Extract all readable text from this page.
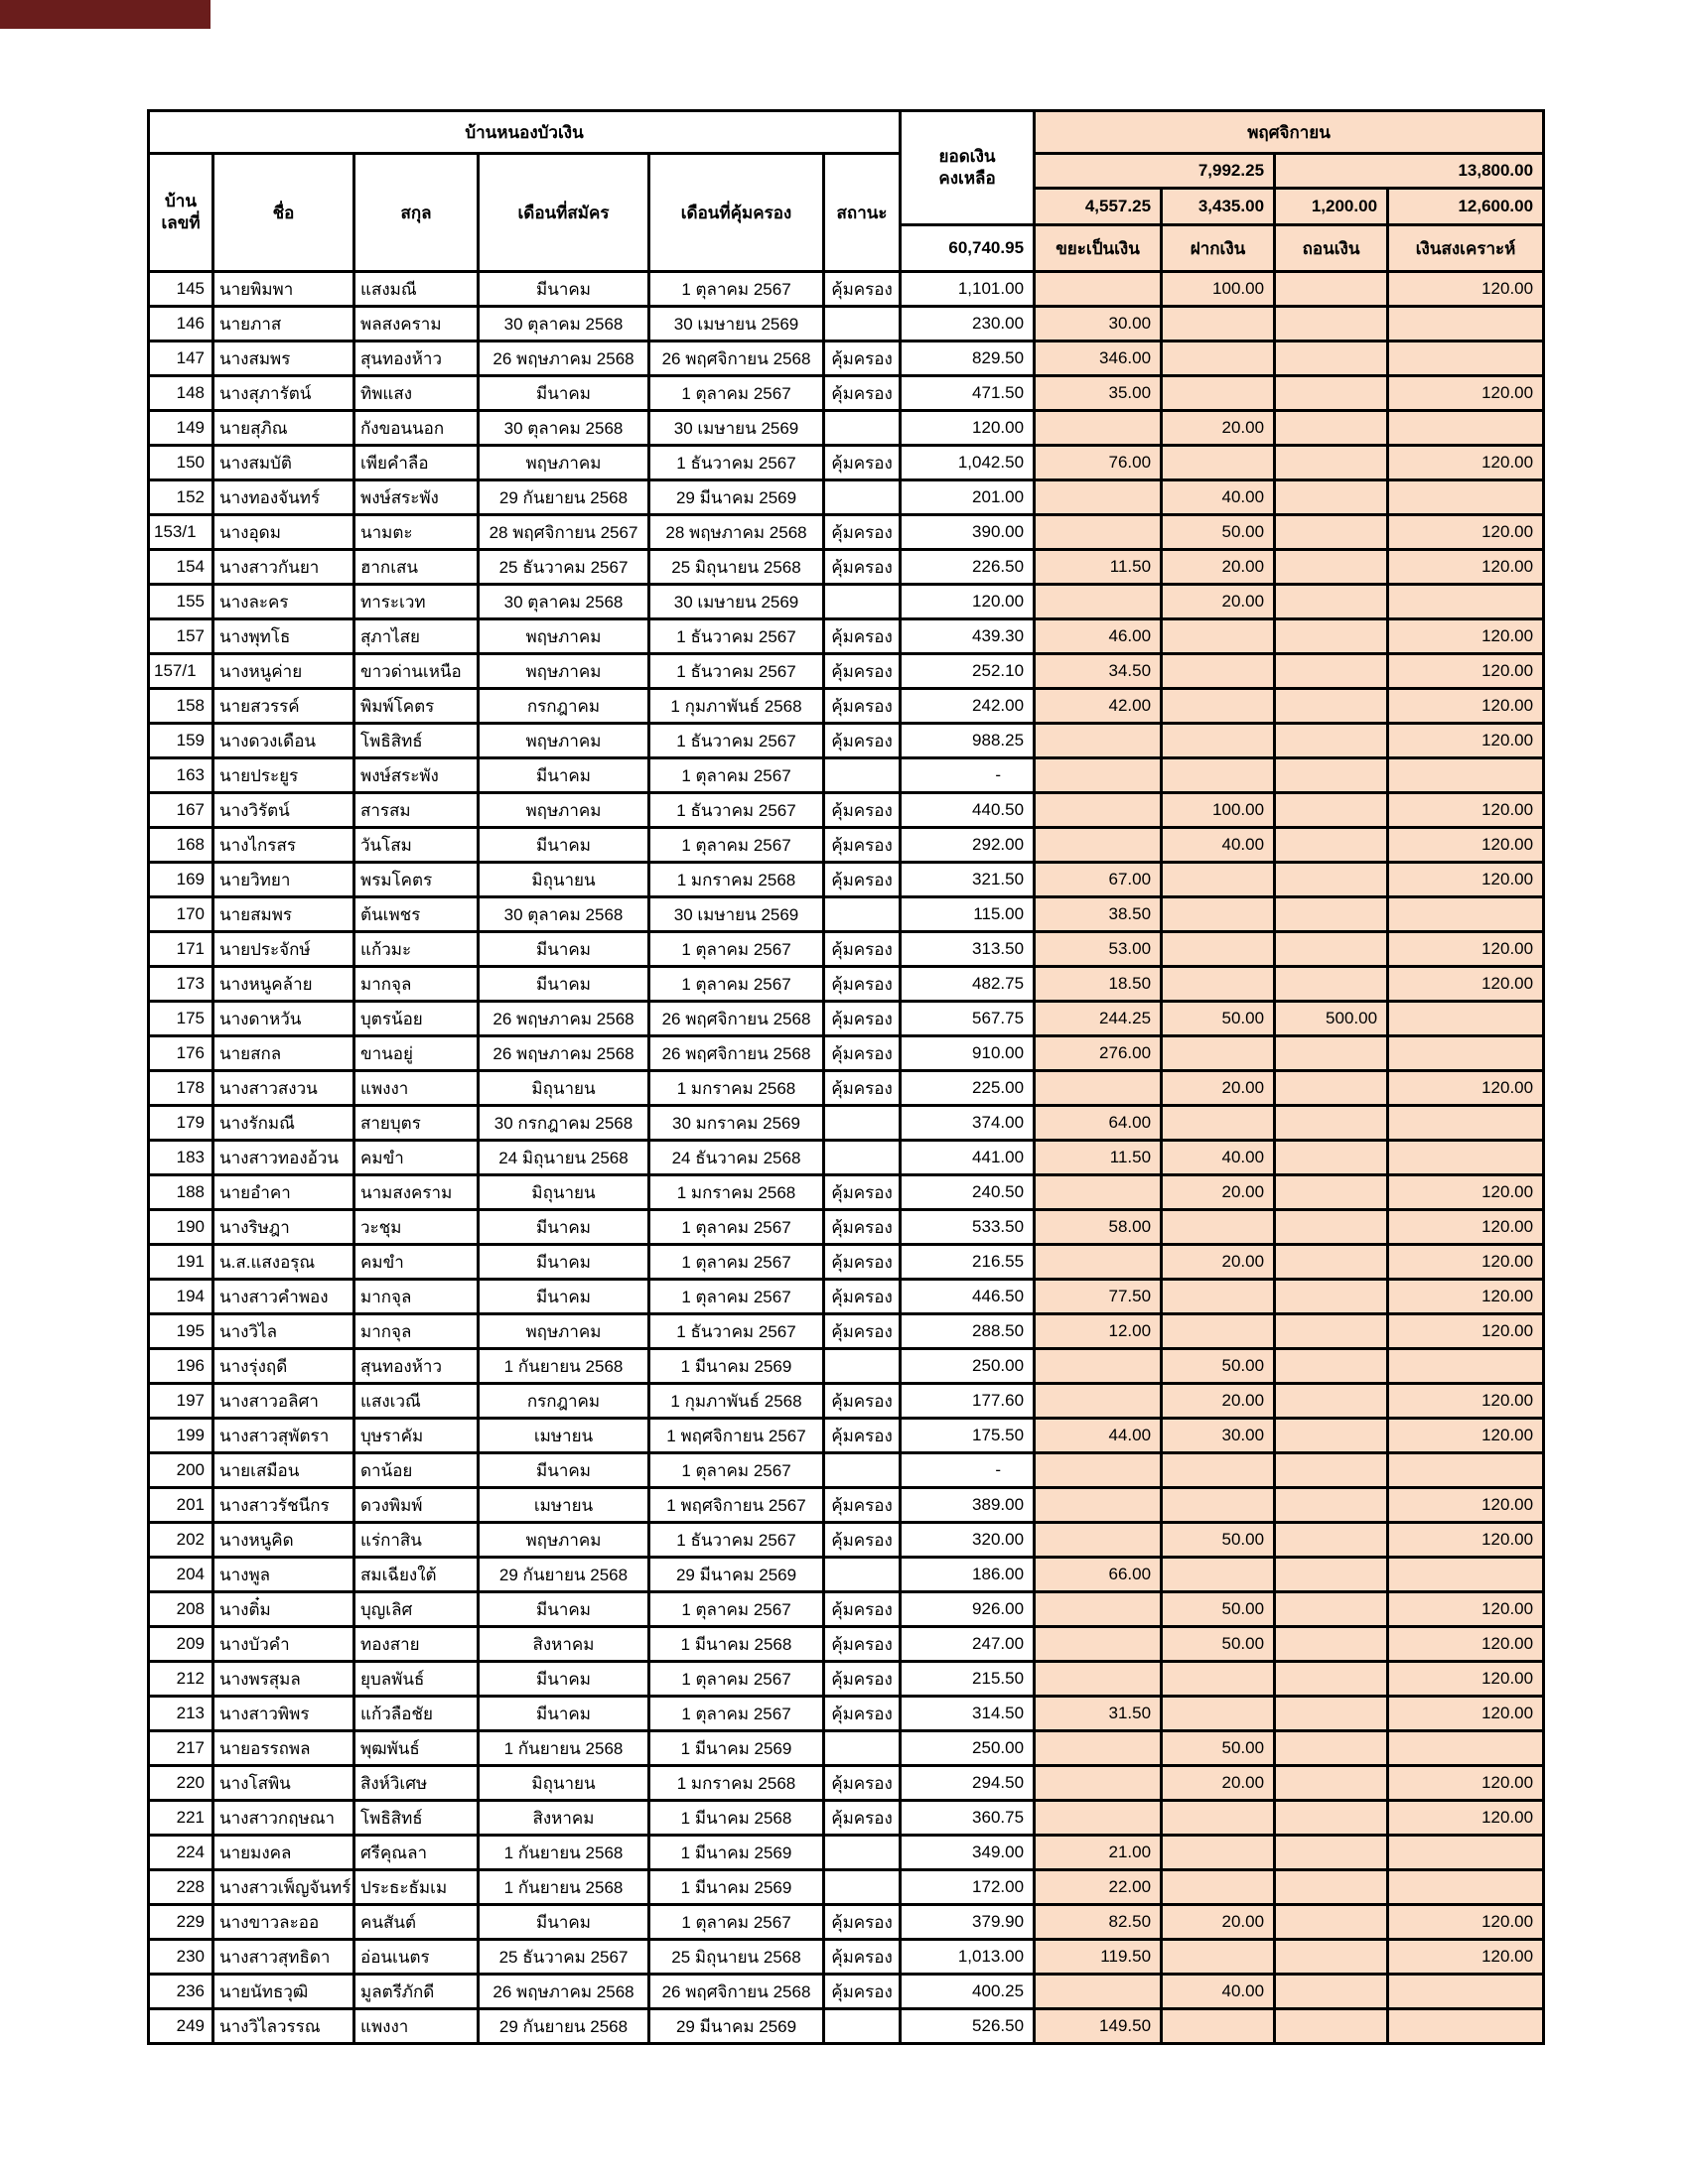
บ้านหนองบัวเงิน						ยอดเงิน
คงเหลือ	พฤศจิกายน			

บ้าน
เลขที่	ชื่อ	สกุล	เดือนที่สมัคร	เดือนที่คุ้มครอง	สถานะ		7,992.25		13,800.00	
							4,557.25	3,435.00	1,200.00	12,600.00
						60,740.95	ขยะเป็นเงิน	ฝากเงิน	ถอนเงิน	เงินสงเคราะห์
145	นายพิมพา	แสงมณี	มีนาคม	1 ตุลาคม 2567	คุ้มครอง	1,101.00		100.00		120.00
146	นายภาส	พลสงคราม	30 ตุลาคม 2568	30 เมษายน 2569		230.00	30.00			
147	นางสมพร	สุนทองห้าว	26 พฤษภาคม 2568	26 พฤศจิกายน 2568	คุ้มครอง	829.50	346.00			
148	นางสุภารัตน์	ทิพแสง	มีนาคม	1 ตุลาคม 2567	คุ้มครอง	471.50	35.00			120.00
149	นายสุภิณ	กังขอนนอก	30 ตุลาคม 2568	30 เมษายน 2569		120.00		20.00		
150	นางสมบัติ	เพียคำลือ	พฤษภาคม	1 ธันวาคม 2567	คุ้มครอง	1,042.50	76.00			120.00
152	นางทองจันทร์	พงษ์สระพัง	29 กันยายน 2568	29 มีนาคม 2569		201.00		40.00		
153/1	นางอุดม	นามตะ	28 พฤศจิกายน 2567	28 พฤษภาคม 2568	คุ้มครอง	390.00		50.00		120.00
154	นางสาวกันยา	ฮากเสน	25 ธันวาคม 2567	25 มิถุนายน 2568	คุ้มครอง	226.50	11.50	20.00		120.00
155	นางละคร	ทาระเวท	30 ตุลาคม 2568	30 เมษายน 2569		120.00		20.00		
157	นางพุทโธ	สุภาไสย	พฤษภาคม	1 ธันวาคม 2567	คุ้มครอง	439.30	46.00			120.00
157/1	นางหนูค่าย	ขาวด่านเหนือ	พฤษภาคม	1 ธันวาคม 2567	คุ้มครอง	252.10	34.50			120.00
158	นายสวรรค์	พิมพ์โคตร	กรกฎาคม	1 กุมภาพันธ์ 2568	คุ้มครอง	242.00	42.00			120.00
159	นางดวงเดือน	โพธิสิทธ์	พฤษภาคม	1 ธันวาคม 2567	คุ้มครอง	988.25				120.00
163	นายประยูร	พงษ์สระพัง	มีนาคม	1 ตุลาคม 2567		-				
167	นางวิรัตน์	สารสม	พฤษภาคม	1 ธันวาคม 2567	คุ้มครอง	440.50		100.00		120.00
168	นางไกรสร	วันโสม	มีนาคม	1 ตุลาคม 2567	คุ้มครอง	292.00		40.00		120.00
169	นายวิทยา	พรมโคตร	มิถุนายน	1 มกราคม 2568	คุ้มครอง	321.50	67.00			120.00
170	นายสมพร	ต้นเพชร	30 ตุลาคม 2568	30 เมษายน 2569		115.00	38.50			
171	นายประจักษ์	แก้วมะ	มีนาคม	1 ตุลาคม 2567	คุ้มครอง	313.50	53.00			120.00
173	นางหนูคล้าย	มากจุล	มีนาคม	1 ตุลาคม 2567	คุ้มครอง	482.75	18.50			120.00
175	นางดาหวัน	บุตรน้อย	26 พฤษภาคม 2568	26 พฤศจิกายน 2568	คุ้มครอง	567.75	244.25	50.00	500.00	
176	นายสกล	ขานอยู่	26 พฤษภาคม 2568	26 พฤศจิกายน 2568	คุ้มครอง	910.00	276.00			
178	นางสาวสงวน	แพงงา	มิถุนายน	1 มกราคม 2568	คุ้มครอง	225.00		20.00		120.00
179	นางรักมณี	สายบุตร	30 กรกฎาคม 2568	30 มกราคม 2569		374.00	64.00			
183	นางสาวทองอ้วน	คมขำ	24 มิถุนายน 2568	24 ธันวาคม 2568		441.00	11.50	40.00		
188	นายอำคา	นามสงคราม	มิถุนายน	1 มกราคม 2568	คุ้มครอง	240.50		20.00		120.00
190	นางริษฎา	วะชุม	มีนาคม	1 ตุลาคม 2567	คุ้มครอง	533.50	58.00			120.00
191	น.ส.แสงอรุณ	คมขำ	มีนาคม	1 ตุลาคม 2567	คุ้มครอง	216.55		20.00		120.00
194	นางสาวคำพอง	มากจุล	มีนาคม	1 ตุลาคม 2567	คุ้มครอง	446.50	77.50			120.00
195	นางวิไล	มากจุล	พฤษภาคม	1 ธันวาคม 2567	คุ้มครอง	288.50	12.00			120.00
196	นางรุ่งฤดี	สุนทองห้าว	1 กันยายน 2568	1 มีนาคม 2569		250.00		50.00		
197	นางสาวอลิศา	แสงเวณี	กรกฎาคม	1 กุมภาพันธ์ 2568	คุ้มครอง	177.60		20.00		120.00
199	นางสาวสุพัตรา	บุษราคัม	เมษายน	1 พฤศจิกายน 2567	คุ้มครอง	175.50	44.00	30.00		120.00
200	นายเสมือน	ดาน้อย	มีนาคม	1 ตุลาคม 2567		-				
201	นางสาวรัชนีกร	ดวงพิมพ์	เมษายน	1 พฤศจิกายน 2567	คุ้มครอง	389.00				120.00
202	นางหนูคิด	แร่กาสิน	พฤษภาคม	1 ธันวาคม 2567	คุ้มครอง	320.00		50.00		120.00
204	นางพูล	สมเฉียงใต้	29 กันยายน 2568	29 มีนาคม 2569		186.00	66.00			
208	นางติ๋ม	บุญเลิศ	มีนาคม	1 ตุลาคม 2567	คุ้มครอง	926.00		50.00		120.00
209	นางบัวคำ	ทองสาย	สิงหาคม	1 มีนาคม 2568	คุ้มครอง	247.00		50.00		120.00
212	นางพรสุมล	ยุบลพันธ์	มีนาคม	1 ตุลาคม 2567	คุ้มครอง	215.50				120.00
213	นางสาวพิพร	แก้วลือชัย	มีนาคม	1 ตุลาคม 2567	คุ้มครอง	314.50	31.50			120.00
217	นายอรรถพล	พุฒพันธ์	1 กันยายน 2568	1 มีนาคม 2569		250.00		50.00		
220	นางโสพิน	สิงห์วิเศษ	มิถุนายน	1 มกราคม 2568	คุ้มครอง	294.50		20.00		120.00
221	นางสาวกฤษณา	โพธิสิทธ์	สิงหาคม	1 มีนาคม 2568	คุ้มครอง	360.75				120.00
224	นายมงคล	ศรีคุณลา	1 กันยายน 2568	1 มีนาคม 2569		349.00	21.00			
228	นางสาวเพ็ญจันทร์	ประธะธัมเม	1 กันยายน 2568	1 มีนาคม 2569		172.00	22.00			
229	นางขาวละออ	คนสันต์	มีนาคม	1 ตุลาคม 2567	คุ้มครอง	379.90	82.50	20.00		120.00
230	นางสาวสุทธิดา	อ่อนเนตร	25 ธันวาคม 2567	25 มิถุนายน 2568	คุ้มครอง	1,013.00	119.50			120.00
236	นายนัทธวุฒิ	มูลตรีภักดี	26 พฤษภาคม 2568	26 พฤศจิกายน 2568	คุ้มครอง	400.25		40.00		
249	นางวิไลวรรณ	แพงงา	29 กันยายน 2568	29 มีนาคม 2569		526.50	149.50			
